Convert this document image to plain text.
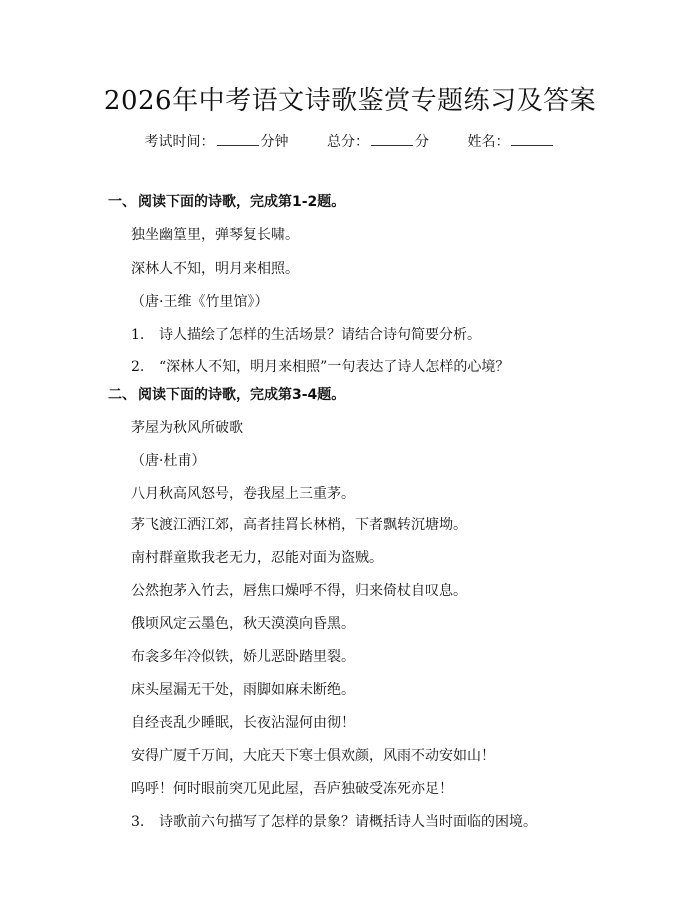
2026年中考语文诗歌鉴赏专题练习及答案
考试时间：	分钟	总分：	分	姓名：
一、 阅读下面的诗歌，完成第1-2题。
独坐幽篁里，弹琴复长啸。
深林人不知，明月来相照。
（唐·王维《竹里馆》）
1. 诗人描绘了怎样的生活场景？请结合诗句简要分析。
2. “深林人不知，明月来相照”一句表达了诗人怎样的心境？
二、 阅读下面的诗歌，完成第3-4题。
茅屋为秋风所破歌
（唐·杜甫）
八月秋高风怒号，卷我屋上三重茅。
茅飞渡江洒江郊，高者挂罥长林梢，下者飘转沉塘坳。
南村群童欺我老无力，忍能对面为盗贼。
公然抱茅入竹去，唇焦口燥呼不得，归来倚杖自叹息。
俄顷风定云墨色，秋天漠漠向昏黑。
布衾多年冷似铁，娇儿恶卧踏里裂。
床头屋漏无干处，雨脚如麻未断绝。
自经丧乱少睡眠，长夜沾湿何由彻！
安得广厦千万间，大庇天下寒士俱欢颜，风雨不动安如山！
呜呼！何时眼前突兀见此屋，吾庐独破受冻死亦足！
3. 诗歌前六句描写了怎样的景象？请概括诗人当时面临的困境。
